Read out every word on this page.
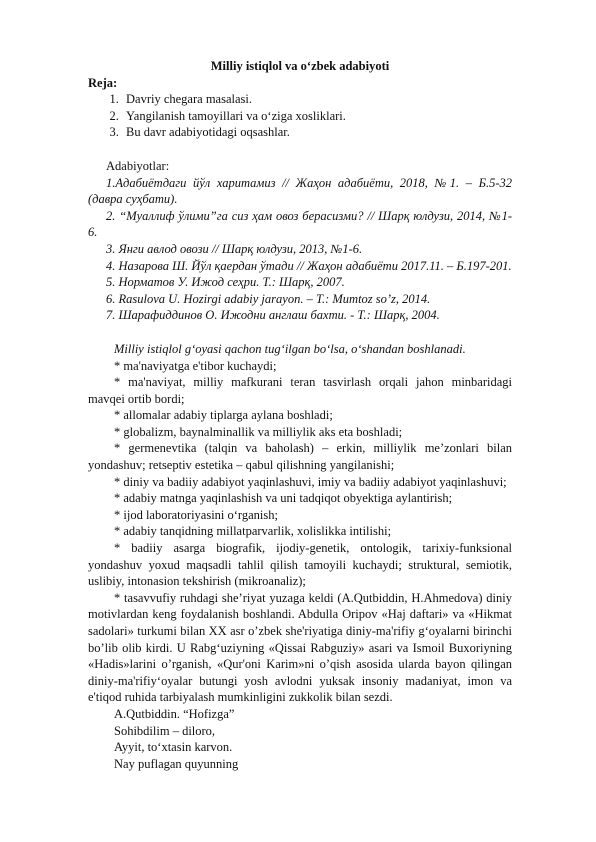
Milliy istiqlol va o‘zbek adabiyoti

Reja:

1. Davriy chegara masalasi.
2. Yangilanish tamoyillari va o‘ziga xosliklari.
3. Bu davr adabiyotidagi oqsashlar.

Adabiyotlar:

1.Адабиётдаги йўл харитамиз // Жаҳон адабиёти, 2018, №1. – Б.5-32 (давра суҳбати).

2. “Муаллиф ўлими”га сиз ҳам овоз берасизми? // Шарқ юлдузи, 2014, №1-6.

3. Янги авлод овози // Шарқ юлдузи, 2013, №1-6.

4. Назарова Ш. Йўл қаердан ўтади // Жаҳон адабиёти 2017.11. – Б.197-201.

5. Норматов У. Ижод сеҳри. Т.: Шарқ, 2007.

6. Rasulova U. Hozirgi adabiy jarayon. – T.: Mumtoz so’z, 2014.

7. Шарафиддинов О. Ижодни англаш бахти. - Т.: Шарқ, 2004.

Milliy istiqlol g‘oyasi qachon tug‘ilgan bo‘lsa, o‘shandan boshlanadi.

* ma'naviyatga e'tibor kuchaydi;

* ma'naviyat, milliy mafkurani teran tasvirlash orqali jahon minbaridagi mavqei ortib bordi;

* allomalar adabiy tiplarga aylana boshladi;

* globalizm, baynalminallik va milliylik aks eta boshladi;

* germenevtika (talqin va baholash) – erkin, milliylik me’zonlari bilan yondashuv; retseptiv estetika – qabul qilishning yangilanishi;

* diniy va badiiy adabiyot yaqinlashuvi, imiy va badiiy adabiyot yaqinlashuvi;

* adabiy matnga yaqinlashish va uni tadqiqot obyektiga aylantirish;

* ijod laboratoriyasini o‘rganish;

* adabiy tanqidning millatparvarlik, xolislikka intilishi;

* badiiy asarga biografik, ijodiy-genetik, ontologik, tarixiy-funksional yondashuv yoxud maqsadli tahlil qilish tamoyili kuchaydi; struktural, semiotik, uslibiy, intonasion tekshirish (mikroanaliz);

* tasavvufiy ruhdagi she’riyat yuzaga keldi (A.Qutbiddin, H.Ahmedova) diniy motivlardan keng foydalanish boshlandi. Abdulla Oripov «Haj daftari» va «Hikmat sadolari» turkumi bilan XX asr o’zbek she'riyatiga diniy-ma'rifiy g‘oyalarni birinchi bo’lib olib kirdi. U Rabg‘uziyning «Qissai Rabguziy» asari va Ismoil Buxoriyning «Hadis»larini o’rganish, «Qur'oni Karim»ni o’qish asosida ularda bayon qilingan diniy-ma'rifiy‘oyalar butungi yosh avlodni yuksak insoniy madaniyat, imon va e'tiqod ruhida tarbiyalash mumkinligini zukkolik bilan sezdi.

A.Qutbiddin. “Hofizga”

Sohibdilim – diloro,

Ayyit, to‘xtasin karvon.

Nay puflagan quyunning
